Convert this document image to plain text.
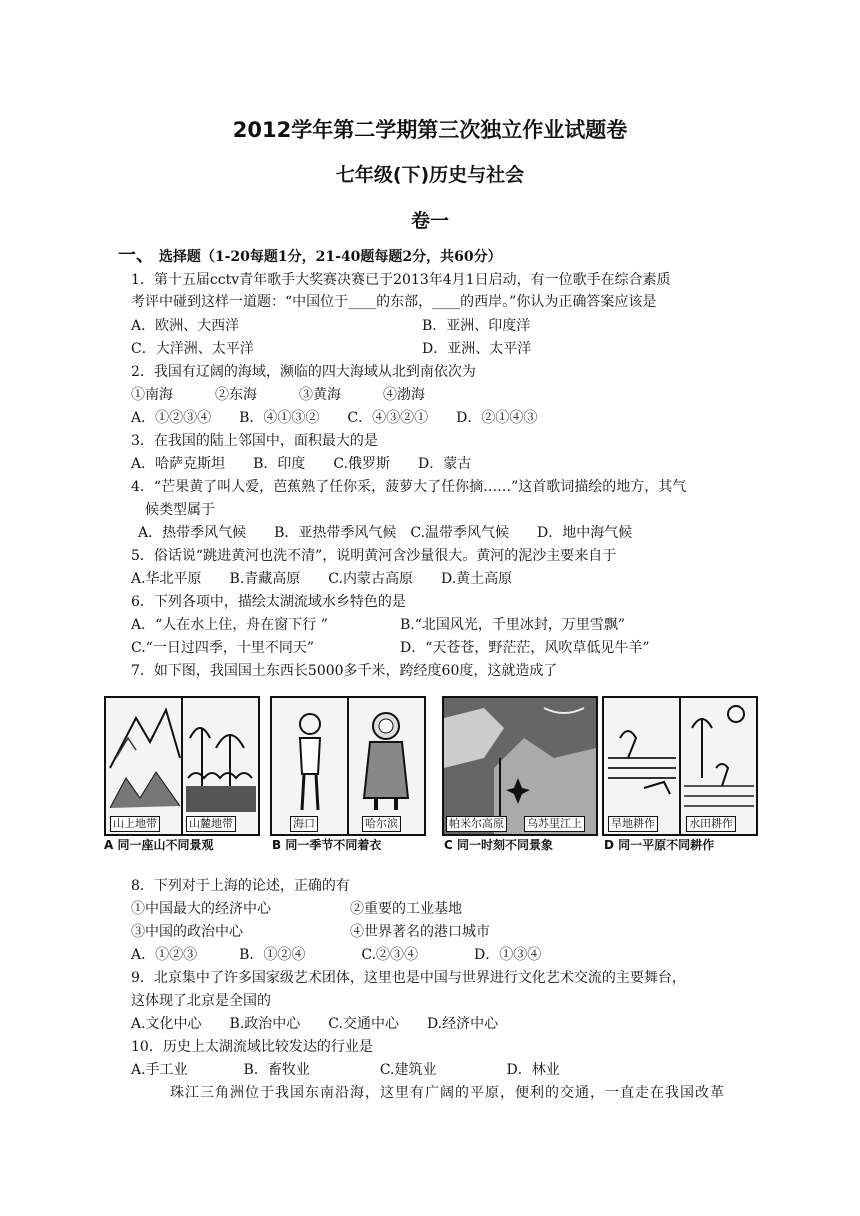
2012学年第二学期第三次独立作业试题卷
七年级(下)历史与社会
卷一
一、 选择题（1-20每题1分，21-40题每题2分，共60分）
1．第十五届cctv青年歌手大奖赛决赛已于2013年4月1日启动，有一位歌手在综合素质
考评中碰到这样一道题：“中国位于____的东部，____的西岸。”你认为正确答案应该是
A．欧洲、大西洋	B．亚洲、印度洋
C．大洋洲、太平洋	D．亚洲、太平洋
2．我国有辽阔的海域，濒临的四大海域从北到南依次为
①南海　　　②东海　　　③黄海　　　④渤海
A．①②③④　　B．④①③②　　C．④③②①　　D．②①④③
3．在我国的陆上邻国中，面积最大的是
A．哈萨克斯坦　　B．印度　　C.俄罗斯　　D．蒙古
4．“芒果黄了叫人爱，芭蕉熟了任你采，菠萝大了任你摘……”这首歌词描绘的地方，其气
候类型属于
A．热带季风气候　　B．亚热带季风气候　C.温带季风气候　　D．地中海气候
5．俗话说“跳进黄河也洗不清”，说明黄河含沙量很大。黄河的泥沙主要来自于
A.华北平原　　B.青藏高原　　C.内蒙古高原　　D.黄土高原
6．下列各项中，描绘太湖流域水乡特色的是
A．“人在水上住，舟在窗下行 ”	B.“北国风光，千里冰封，万里雪飘”
C.“一日过四季，十里不同天”	D．“天苍苍，野茫茫，风吹草低见牛羊”
7．如下图，我国国土东西长5000多千米，跨经度60度，这就造成了
山上地带	山麓地带	海口	哈尔滨	帕米尔高原 乌苏里江上	旱地耕作	水田耕作
A 同一座山不同景观	B 同一季节不同着衣	C 同一时刻不同景象	D 同一平原不同耕作
8．下列对于上海的论述，正确的有
①中国最大的经济中心	②重要的工业基地
③中国的政治中心	④世界著名的港口城市
A．①②③　　　B．①②④　　　　C.②③④　　　　D．①③④
9．北京集中了许多国家级艺术团体，这里也是中国与世界进行文化艺术交流的主要舞台，
这体现了北京是全国的
A.文化中心　　B.政治中心　　C.交通中心　　D.经济中心
10．历史上太湖流域比较发达的行业是
A.手工业　　　　B．畜牧业　　　　　C.建筑业　　　　　D．林业
珠江三角洲位于我国东南沿海，这里有广阔的平原，便利的交通，一直走在我国改革
